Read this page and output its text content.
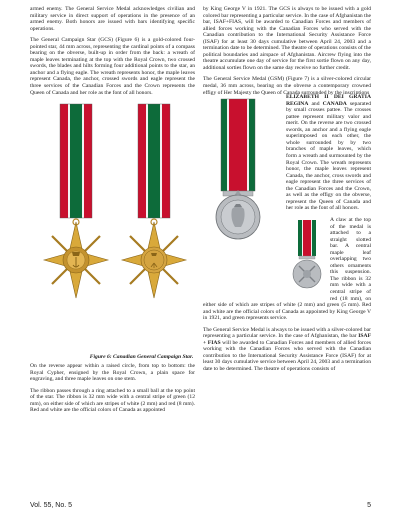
armed enemy. The General Service Medal acknowledges civilian and military service in direct support of operations in the presence of an armed enemy. Both honors are issued with bars identifying specific operations.

The General Campaign Star (GCS) (Figure 6) is a gold-colored four-pointed star, 44 mm across, representing the cardinal points of a compass bearing on the obverse, built-up in order from the back: a wreath of maple leaves terminating at the top with the Royal Crown, two crossed swords, the blades and hilts forming four additional points to the star, an anchor and a flying eagle. The wreath represents honor, the maple leaves represent Canada, the anchor, crossed swords and eagle represent the three services of the Canadian Forces and the Crown represents the Queen of Canada and her role as the font of all honors.

Figure 6: Canadian General Campaign Star.

On the reverse appear within a raised circle, from top to bottom: the Royal Cypher, ensigned by the Royal Crown, a plain space for engraving, and three maple leaves on one stem.

The ribbon passes through a ring attached to a small ball at the top point of the star. The ribbon is 32 mm wide with a central stripe of green (12 mm), on either side of which are stripes of white (2 mm) and red (8 mm). Red and white are the official colors of Canada as appointed

by King George V in 1921. The GCS is always to be issued with a gold colored bar representing a particular service. In the case of Afghanistan the bar, ISAF+FIAS, will be awarded to Canadian Forces and members of allied forces working with the Canadian Forces who served with the Canadian contribution to the International Security Assistance Force (ISAF) for at least 30 days cumulative between April 24, 2003 and a termination date to be determined. The theatre of operations consists of the political boundaries and airspace of Afghanistan. Aircrew flying into the theatre accumulate one day of service for the first sortie flown on any day, additional sorties flown on the same day receive no further credit.

The General Service Medal (GSM) (Figure 7) is a silver-colored circular medal, 36 mm across, bearing on the obverse a contemporary crowned effigy of Her Majesty the Queen of Canada surrounded by the inscriptions

ELIZABETH II DEI GRATIA REGINA and CANADA separated by small crosses pattee. The crosses pattee represent military valor and merit. On the reverse are two crossed swords, an anchor and a flying eagle superimposed on each other, the whole surrounded by by two branches of maple leaves, which form a wreath and surmounted by the Royal Crown. The wreath represents honor, the maple leaves represent Canada, the anchor, cross swords and eagle represent the three services of the Canadian Forces and the Crown, as well as the effigy on the obverse, represent the Queen of Canada and her role as the font of all honors.

A claw at the top of the medal is attached to a straight slotted bar. A central maple leaf overlapping two others ornaments this suspension. The ribbon is 32 mm wide with a central stripe of red (18 mm), on either side of which are stripes of white (2 mm) and green (5 mm). Red and white are the official colors of Canada as appointed by King George V in 1921, and green represents service.

The General Service Medal is always to be issued with a silver-colored bar representing a particular service. In the case of Afghanistan, the bar ISAF + FIAS will be awarded to Canadian Forces and members of allied forces working with the Canadian Forces who served with the Canadian contribution to the International Security Assistance Force (ISAF) for at least 30 days cumulative service between April 24, 2003 and a termination date to be determined. The theatre of operations consists of

Vol. 55, No. 5	5
